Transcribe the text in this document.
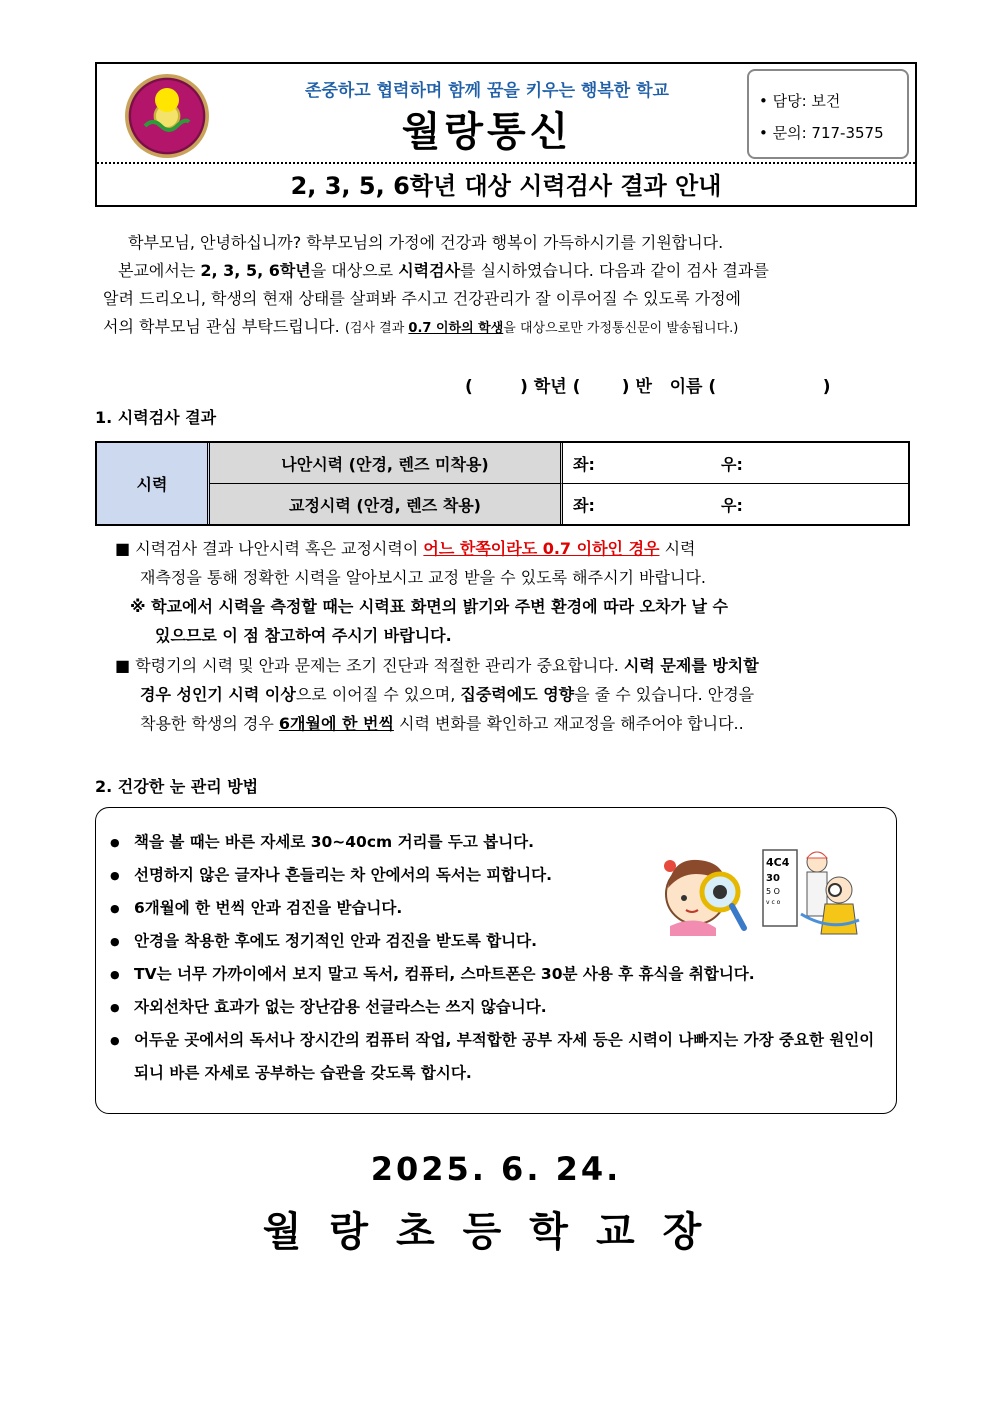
존중하고 협력하며 함께 꿈을 키우는 행복한 학교
월랑통신
• 담당: 보건
• 문의: 717-3575
2, 3, 5, 6학년 대상 시력검사 결과 안내
학부모님, 안녕하십니까? 학부모님의 가정에 건강과 행복이 가득하시기를 기원합니다.
본교에서는 2, 3, 5, 6학년을 대상으로 시력검사를 실시하였습니다. 다음과 같이 검사 결과를
알려 드리오니, 학생의 현재 상태를 살펴봐 주시고 건강관리가 잘 이루어질 수 있도록 가정에
서의 학부모님 관심 부탁드립니다. (검사 결과 0.7 이하의 학생을 대상으로만 가정통신문이 발송됩니다.)
(        ) 학년 (       ) 반   이름 (                  )
1. 시력검사 결과
시력
나안시력 (안경, 렌즈 미착용)
교정시력 (안경, 렌즈 착용)
좌:	우:
좌:	우:
■ 시력검사 결과 나안시력 혹은 교정시력이 어느 한쪽이라도 0.7 이하인 경우 시력
재측정을 통해 정확한 시력을 알아보시고 교정 받을 수 있도록 해주시기 바랍니다.
※ 학교에서 시력을 측정할 때는 시력표 화면의 밝기와 주변 환경에 따라 오차가 날 수
있으므로 이 점 참고하여 주시기 바랍니다.
■ 학령기의 시력 및 안과 문제는 조기 진단과 적절한 관리가 중요합니다. 시력 문제를 방치할
경우 성인기 시력 이상으로 이어질 수 있으며, 집중력에도 영향을 줄 수 있습니다. 안경을
착용한 학생의 경우 6개월에 한 번씩 시력 변화를 확인하고 재교정을 해주어야 합니다..
2. 건강한 눈 관리 방법
● 책을 볼 때는 바른 자세로 30~40cm 거리를 두고 봅니다.
● 선명하지 않은 글자나 흔들리는 차 안에서의 독서는 피합니다.
● 6개월에 한 번씩 안과 검진을 받습니다.
● 안경을 착용한 후에도 정기적인 안과 검진을 받도록 합니다.
● TV는 너무 가까이에서 보지 말고 독서, 컴퓨터, 스마트폰은 30분 사용 후 휴식을 취합니다.
● 자외선차단 효과가 없는 장난감용 선글라스는 쓰지 않습니다.
● 어두운 곳에서의 독서나 장시간의 컴퓨터 작업, 부적합한 공부 자세 등은 시력이 나빠지는 가장 중요한 원인이 되니 바른 자세로 공부하는 습관을 갖도록 합시다.
4C4
30
5 O
v c o
2025. 6. 24.
월랑초등학교장
